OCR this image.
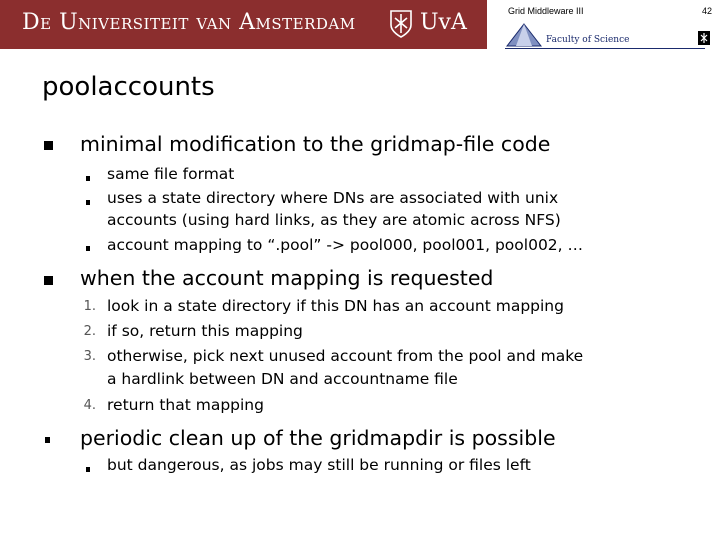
De Universiteit van Amsterdam	UvA	Grid Middleware III	42
Faculty of Science
poolaccounts
minimal modification to the gridmap-file code
same file format
uses a state directory where DNs are associated with unix
accounts (using hard links, as they are atomic across NFS)
account mapping to “.pool” -> pool000, pool001, pool002, …
when the account mapping is requested
1. look in a state directory if this DN has an account mapping
2. if so, return this mapping
3. otherwise, pick next unused account from the pool and make
a hardlink between DN and accountname file
4. return that mapping
periodic clean up of the gridmapdir is possible
but dangerous, as jobs may still be running or files left
